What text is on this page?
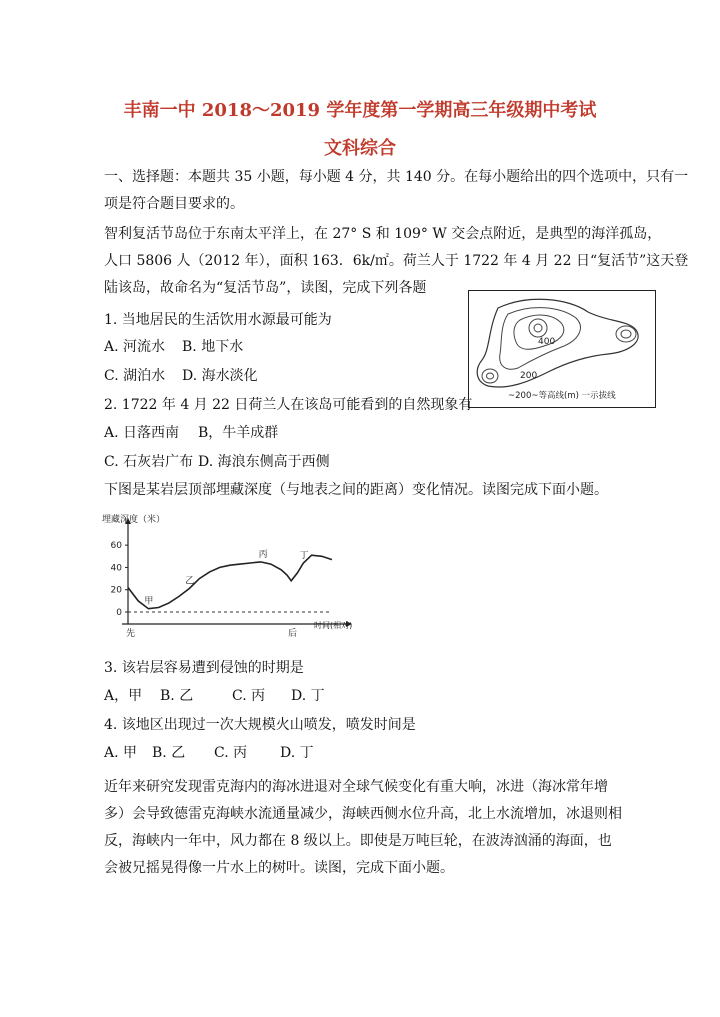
丰南一中 2018～2019 学年度第一学期高三年级期中考试
文科综合
一、选择题：本题共 35 小题，每小题 4 分，共 140 分。在每小题给出的四个选项中，只有一
项是符合题目要求的。
智利复活节岛位于东南太平洋上，在 27° S 和 109° W 交会点附近，是典型的海洋孤岛，
人口 5806 人（2012 年），面积 163．6k/㎡。荷兰人于 1722 年 4 月 22 日“复活节”这天登
陆该岛，故命名为“复活节岛”，读图，完成下列各题
400
200
~200~等高线(m) 一示拔线
1. 当地居民的生活饮用水源最可能为
A. 河流水 B. 地下水
C. 湖泊水 D. 海水淡化
2. 1722 年 4 月 22 日荷兰人在该岛可能看到的自然现象有
A. 日落西南 B，牛羊成群
C. 石灰岩广布 D. 海浪东侧高于西侧
下图是某岩层顶部埋藏深度（与地表之间的距离）变化情况。读图完成下面小题。
埋藏深度（米）
0
20
40
60
甲
乙
丙	丁
先	后
时间(相对)
3. 该岩层容易遭到侵蚀的时期是
A，甲 B. 乙	C. 丙 D. 丁
4. 该地区出现过一次大规模火山喷发，喷发时间是
A. 甲 B. 乙 C. 丙 D. 丁
近年来研究发现雷克海内的海冰进退对全球气候变化有重大响，冰进（海冰常年增多）会导致德雷克海峡水流通量减少，海峡西侧水位升高，北上水流增加，冰退则相反，海峡内一年中，风力都在 8 级以上。即使是万吨巨轮，在波涛汹涌的海面，也会被兄摇晃得像一片水上的树叶。读图，完成下面小题。
